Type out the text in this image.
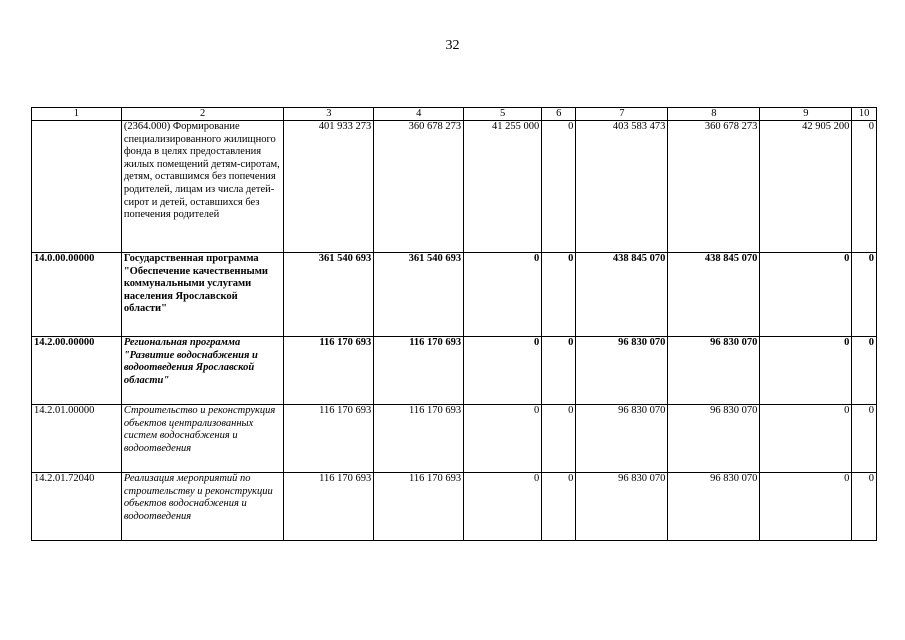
32
1	2	3	4	5	6	7	8	9	10
	(2364.000) Формирование специализированного жилищного фонда в целях предоставления жилых помещений детям-сиротам, детям, оставшимся без попечения родителей, лицам из числа детей-сирот и детей, оставшихся без попечения родителей	401 933 273	360 678 273	41 255 000	0	403 583 473	360 678 273	42 905 200	0
14.0.00.00000	Государственная программа "Обеспечение качественными коммунальными услугами населения Ярославской области"	361 540 693	361 540 693	0	0	438 845 070	438 845 070	0	0
14.2.00.00000	Региональная программа "Развитие водоснабжения и водоотведения Ярославской области"	116 170 693	116 170 693	0	0	96 830 070	96 830 070	0	0
14.2.01.00000	Строительство и реконструкция объектов централизованных систем водоснабжения и водоотведения	116 170 693	116 170 693	0	0	96 830 070	96 830 070	0	0
14.2.01.72040	Реализация мероприятий по строительству и реконструкции объектов водоснабжения и водоотведения	116 170 693	116 170 693	0	0	96 830 070	96 830 070	0	0
